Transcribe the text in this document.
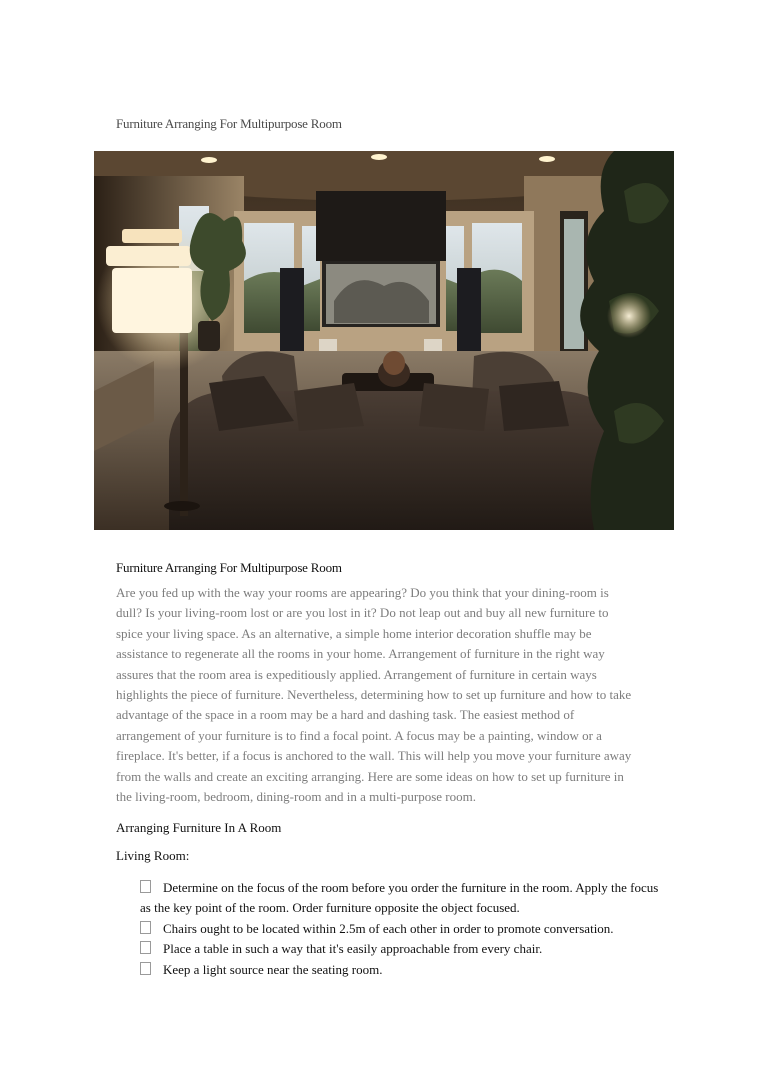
Furniture Arranging For Multipurpose Room
Furniture Arranging For Multipurpose Room

Are you fed up with the way your rooms are appearing? Do you think that your dining-room is dull? Is your living-room lost or are you lost in it? Do not leap out and buy all new furniture to spice your living space. As an alternative, a simple home interior decoration shuffle may be assistance to regenerate all the rooms in your home. Arrangement of furniture in the right way assures that the room area is expeditiously applied. Arrangement of furniture in certain ways highlights the piece of furniture. Nevertheless, determining how to set up furniture and how to take advantage of the space in a room may be a hard and dashing task. The easiest method of arrangement of your furniture is to find a focal point. A focus may be a painting, window or a fireplace. It's better, if a focus is anchored to the wall. This will help you move your furniture away from the walls and create an exciting arranging. Here are some ideas on how to set up furniture in the living-room, bedroom, dining-room and in a multi-purpose room.

Arranging Furniture In A Room
Living Room:
Determine on the focus of the room before you order the furniture in the room. Apply the focus as the key point of the room. Order furniture opposite the object focused.
Chairs ought to be located within 2.5m of each other in order to promote conversation.
Place a table in such a way that it's easily approachable from every chair.
Keep a light source near the seating room.
